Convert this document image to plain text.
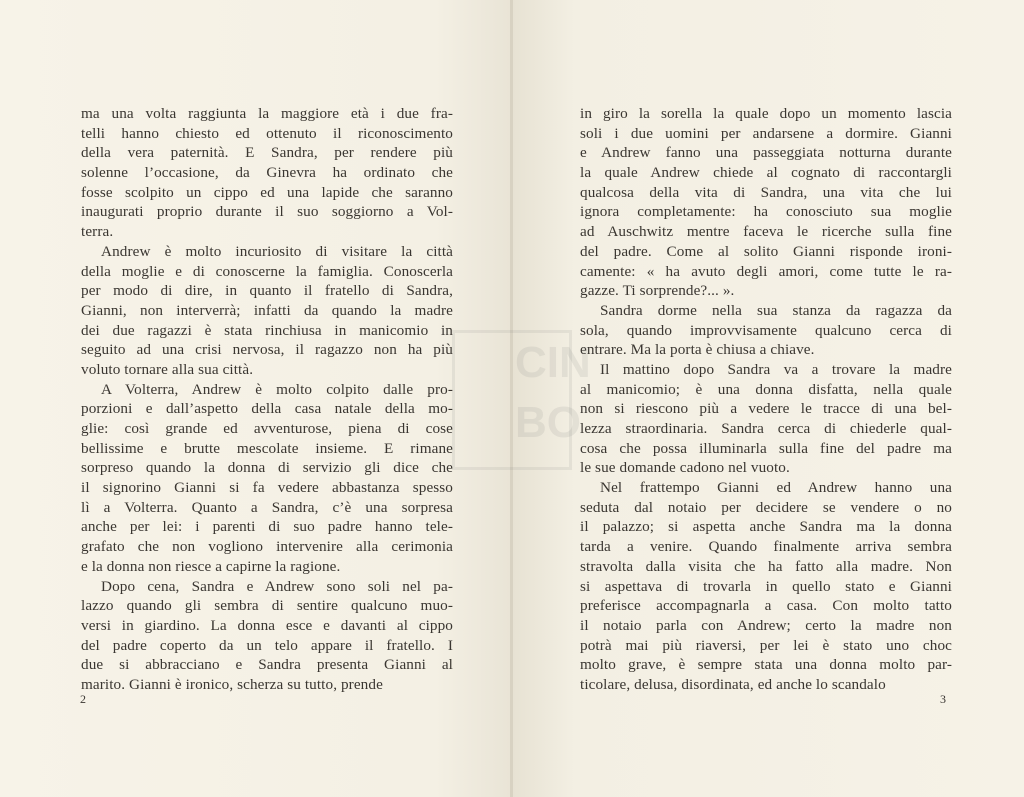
ma una volta raggiunta la maggiore età i due fra-
telli hanno chiesto ed ottenuto il riconoscimento
della vera paternità. E Sandra, per rendere più
solenne l’occasione, da Ginevra ha ordinato che
fosse scolpito un cippo ed una lapide che saranno
inaugurati proprio durante il suo soggiorno a Vol-
terra.
Andrew è molto incuriosito di visitare la città
della moglie e di conoscerne la famiglia. Conoscerla
per modo di dire, in quanto il fratello di Sandra,
Gianni, non interverrà; infatti da quando la madre
dei due ragazzi è stata rinchiusa in manicomio in
seguito ad una crisi nervosa, il ragazzo non ha più
voluto tornare alla sua città.
A Volterra, Andrew è molto colpito dalle pro-
porzioni e dall’aspetto della casa natale della mo-
glie: così grande ed avventurose, piena di cose
bellissime e brutte mescolate insieme. E rimane
sorpreso quando la donna di servizio gli dice che
il signorino Gianni si fa vedere abbastanza spesso
lì a Volterra. Quanto a Sandra, c’è una sorpresa
anche per lei: i parenti di suo padre hanno tele-
grafato che non vogliono intervenire alla cerimonia
e la donna non riesce a capirne la ragione.
Dopo cena, Sandra e Andrew sono soli nel pa-
lazzo quando gli sembra di sentire qualcuno muo-
versi in giardino. La donna esce e davanti al cippo
del padre coperto da un telo appare il fratello. I
due si abbracciano e Sandra presenta Gianni al
marito. Gianni è ironico, scherza su tutto, prende
2
in giro la sorella la quale dopo un momento lascia
soli i due uomini per andarsene a dormire. Gianni
e Andrew fanno una passeggiata notturna durante
la quale Andrew chiede al cognato di raccontargli
qualcosa della vita di Sandra, una vita che lui
ignora completamente: ha conosciuto sua moglie
ad Auschwitz mentre faceva le ricerche sulla fine
del padre. Come al solito Gianni risponde ironi-
camente: « ha avuto degli amori, come tutte le ra-
gazze. Ti sorprende?... ».
Sandra dorme nella sua stanza da ragazza da
sola, quando improvvisamente qualcuno cerca di
entrare. Ma la porta è chiusa a chiave.
Il mattino dopo Sandra va a trovare la madre
al manicomio; è una donna disfatta, nella quale
non si riescono più a vedere le tracce di una bel-
lezza straordinaria. Sandra cerca di chiederle qual-
cosa che possa illuminarla sulla fine del padre ma
le sue domande cadono nel vuoto.
Nel frattempo Gianni ed Andrew hanno una
seduta dal notaio per decidere se vendere o no
il palazzo; si aspetta anche Sandra ma la donna
tarda a venire. Quando finalmente arriva sembra
stravolta dalla visita che ha fatto alla madre. Non
si aspettava di trovarla in quello stato e Gianni
preferisce accompagnarla a casa. Con molto tatto
il notaio parla con Andrew; certo la madre non
potrà mai più riaversi, per lei è stato uno choc
molto grave, è sempre stata una donna molto par-
ticolare, delusa, disordinata, ed anche lo scandalo
3
